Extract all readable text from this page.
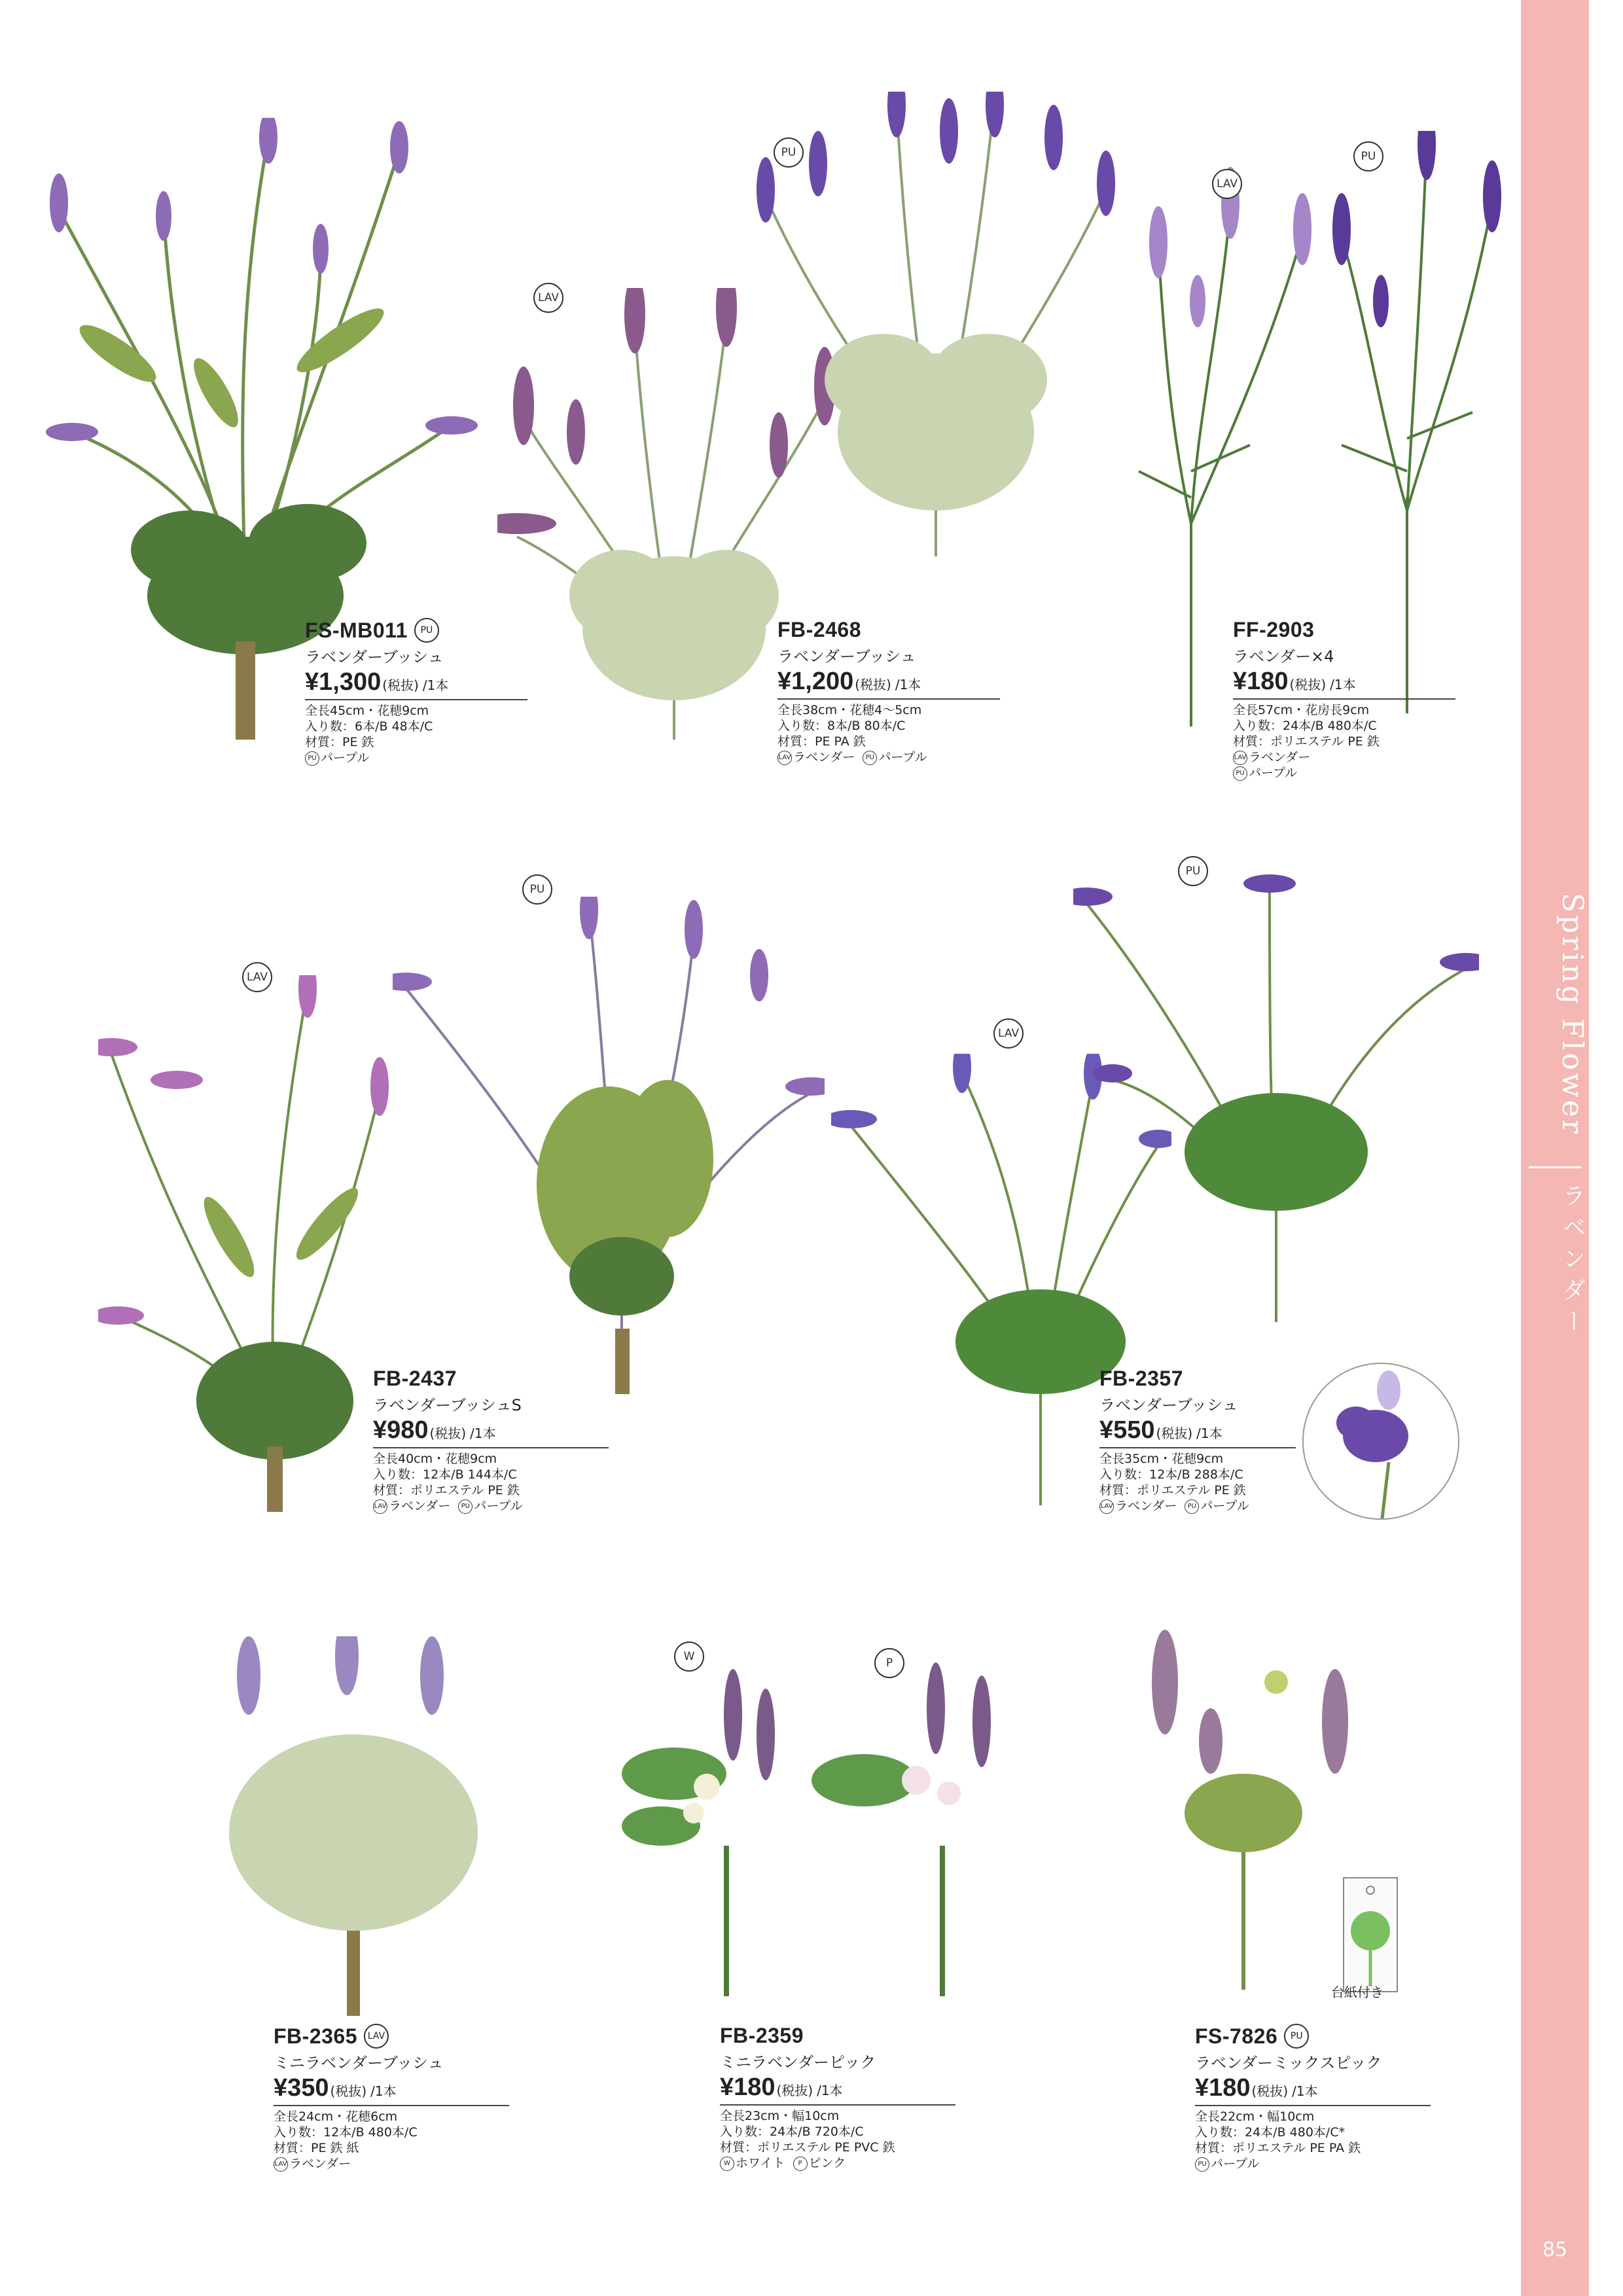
Spring Flower
ラベンダー
85
台紙付き
PU
LAV
LAV
PU
LAV
PU
PU
LAV
W	P
FS-MB011	PU
ラベンダーブッシュ
¥1,300 (税抜) /1本
全長45cm・花穂9cm
入り数：6本/B 48本/C
材質：PE 鉄
PU パープル
FB-2468
ラベンダーブッシュ
¥1,200 (税抜) /1本
全長38cm・花穂4〜5cm
入り数：8本/B 80本/C
材質：PE PA 鉄
LAV ラベンダー PU パープル
FF-2903
ラベンダー×4
¥180 (税抜) /1本
全長57cm・花房長9cm
入り数：24本/B 480本/C
材質：ポリエステル PE 鉄
LAV ラベンダー
PU パープル
FB-2437
ラベンダーブッシュS
¥980 (税抜) /1本
全長40cm・花穂9cm
入り数：12本/B 144本/C
材質：ポリエステル PE 鉄
LAV ラベンダー PU パープル
FB-2357
ラベンダーブッシュ
¥550 (税抜) /1本
全長35cm・花穂9cm
入り数：12本/B 288本/C
材質：ポリエステル PE 鉄
LAV ラベンダー PU パープル
FB-2365	LAV
ミニラベンダーブッシュ
¥350 (税抜) /1本
全長24cm・花穂6cm
入り数：12本/B 480本/C
材質：PE 鉄 紙
LAV ラベンダー
FB-2359
ミニラベンダーピック
¥180 (税抜) /1本
全長23cm・幅10cm
入り数：24本/B 720本/C
材質：ポリエステル PE PVC 鉄
W ホワイト P ピンク
FS-7826	PU
ラベンダーミックスピック
¥180 (税抜) /1本
全長22cm・幅10cm
入り数：24本/B 480本/C*
材質：ポリエステル PE PA 鉄
PU パープル
